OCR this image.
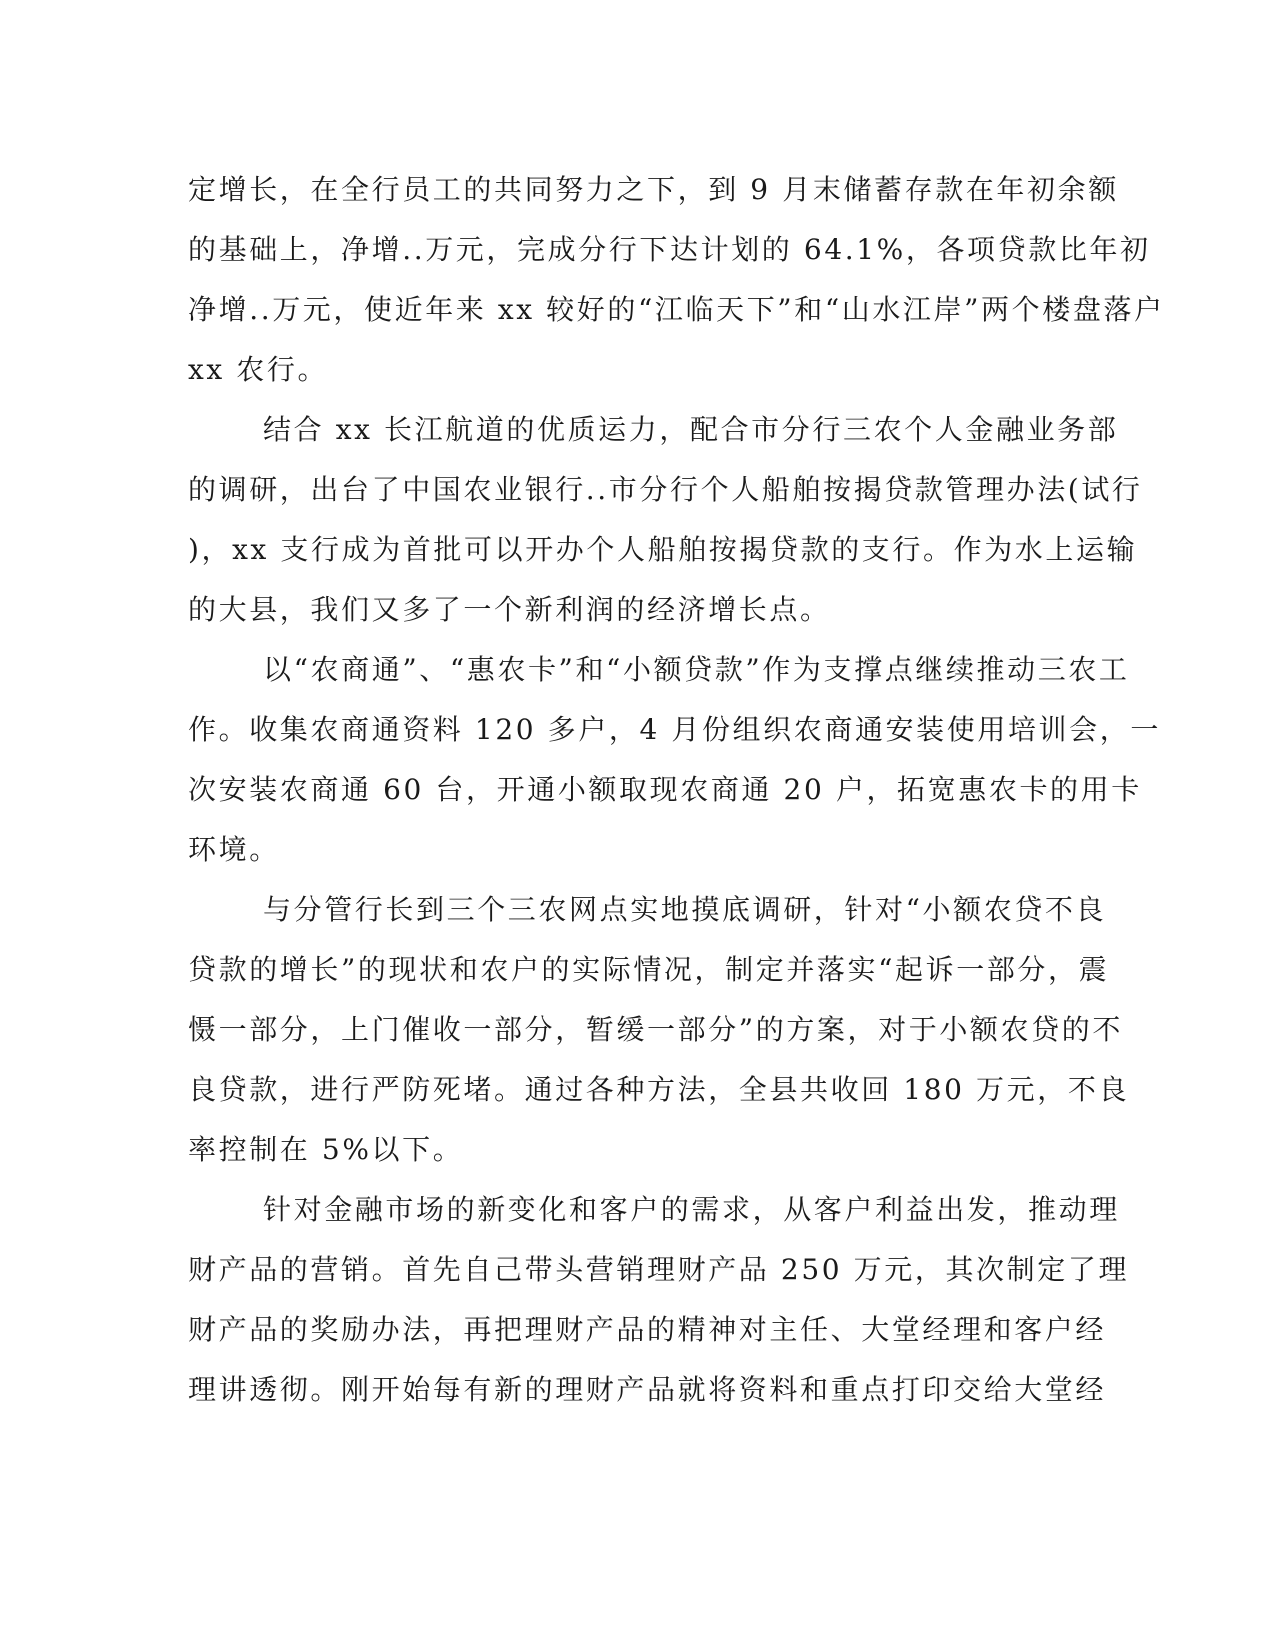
定增长，在全行员工的共同努力之下，到 9 月末储蓄存款在年初余额
的基础上，净增..万元，完成分行下达计划的 64.1%，各项贷款比年初
净增..万元，使近年来 xx 较好的“江临天下”和“山水江岸”两个楼盘落户
xx 农行。
结合 xx 长江航道的优质运力，配合市分行三农个人金融业务部
的调研，出台了中国农业银行..市分行个人船舶按揭贷款管理办法(试行
)，xx 支行成为首批可以开办个人船舶按揭贷款的支行。作为水上运输
的大县，我们又多了一个新利润的经济增长点。
以“农商通”、“惠农卡”和“小额贷款”作为支撑点继续推动三农工
作。收集农商通资料 120 多户，4 月份组织农商通安装使用培训会，一
次安装农商通 60 台，开通小额取现农商通 20 户，拓宽惠农卡的用卡
环境。
与分管行长到三个三农网点实地摸底调研，针对“小额农贷不良
贷款的增长”的现状和农户的实际情况，制定并落实“起诉一部分，震
慑一部分，上门催收一部分，暂缓一部分”的方案，对于小额农贷的不
良贷款，进行严防死堵。通过各种方法，全县共收回 180 万元，不良
率控制在 5%以下。
针对金融市场的新变化和客户的需求，从客户利益出发，推动理
财产品的营销。首先自己带头营销理财产品 250 万元，其次制定了理
财产品的奖励办法，再把理财产品的精神对主任、大堂经理和客户经
理讲透彻。刚开始每有新的理财产品就将资料和重点打印交给大堂经
